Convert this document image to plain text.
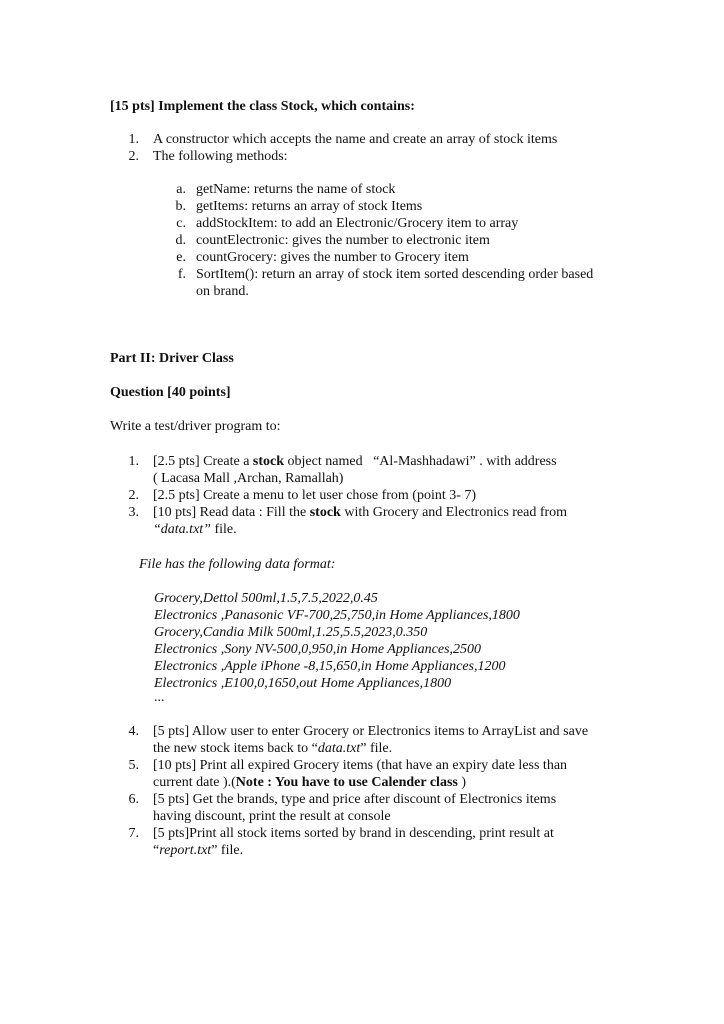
[15 pts] Implement the class Stock, which contains:
1. A constructor which accepts the name and create an array of stock items
2. The following methods:
a. getName: returns the name of stock
b. getItems: returns an array of stock Items
c. addStockItem: to add an Electronic/Grocery item to array
d. countElectronic: gives the number to electronic item
e. countGrocery: gives the number to Grocery item
f. SortItem(): return an array of stock item sorted descending order based
on brand.
Part II: Driver Class
Question [40 points]
Write a test/driver program to:
1. [2.5 pts] Create a stock object named   “Al-Mashhadawi” . with address
( Lacasa Mall ,Archan, Ramallah)
2. [2.5 pts] Create a menu to let user chose from (point 3- 7)
3. [10 pts] Read data : Fill the stock with Grocery and Electronics read from
“data.txt” file.
File has the following data format:
Grocery,Dettol 500ml,1.5,7.5,2022,0.45
Electronics ,Panasonic VF-700,25,750,in Home Appliances,1800
Grocery,Candia Milk 500ml,1.25,5.5,2023,0.350
Electronics ,Sony NV-500,0,950,in Home Appliances,2500
Electronics ,Apple iPhone -8,15,650,in Home Appliances,1200
Electronics ,E100,0,1650,out Home Appliances,1800
...
4. [5 pts] Allow user to enter Grocery or Electronics items to ArrayList and save
the new stock items back to “data.txt” file.
5. [10 pts] Print all expired Grocery items (that have an expiry date less than
current date ).(Note : You have to use Calender class )
6. [5 pts] Get the brands, type and price after discount of Electronics items
having discount, print the result at console
7. [5 pts]Print all stock items sorted by brand in descending, print result at
“report.txt” file.
